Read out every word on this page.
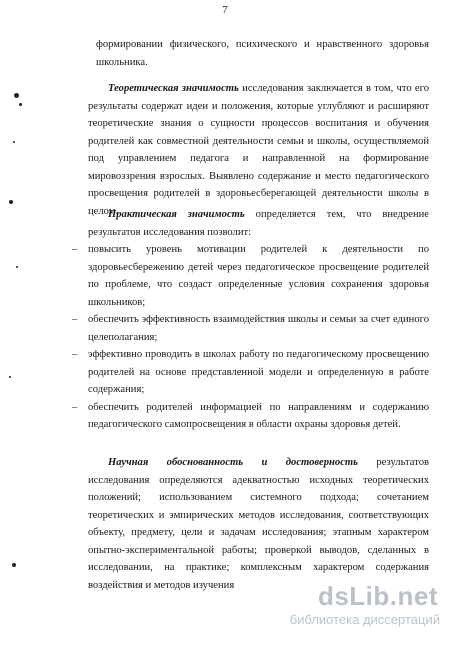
7

формировании физического, психического и нравственного здоровья

школьника.

Теоретическая значимость исследования заключается в том, что его результаты содержат идеи и положения, которые углубляют и расширяют теоретические знания о сущности процессов воспитания и обучения родителей как совместной деятельности семьи и школы, осуществляемой под управлением педагога и направленной на формирование мировоззрения взрослых. Выявлено содержание и место педагогического просвещения родителей в здоровьесберегающей деятельности школы в целом.

Практическая значимость определяется тем, что внедрение результатов исследования позволит:

– повысить уровень мотивации родителей к деятельности по здоровьесбережению детей через педагогическое просвещение родителей по проблеме, что создаст определенные условия сохранения здоровья школьников;
– обеспечить эффективность взаимодействия школы и семьи за счет единого целеполагания;
– эффективно проводить в школах работу по педагогическому просвещению родителей на основе представленной модели и определенную в работе содержания;
– обеспечить родителей информацией по направлениям и содержанию педагогического самопросвещения в области охраны здоровья детей.

Научная обоснованность и достоверность результатов исследования определяются адекватностью исходных теоретических положений; использованием системного подхода; сочетанием теоретических и эмпирических методов исследования, соответствующих объекту, предмету, цели и задачам исследования; этапным характером опытно-экспериментальной работы; проверкой выводов, сделанных в исследовании, на практике; комплексным характером содержания воздействия и методов изучения	dsLib.net
библиотека диссертаций
